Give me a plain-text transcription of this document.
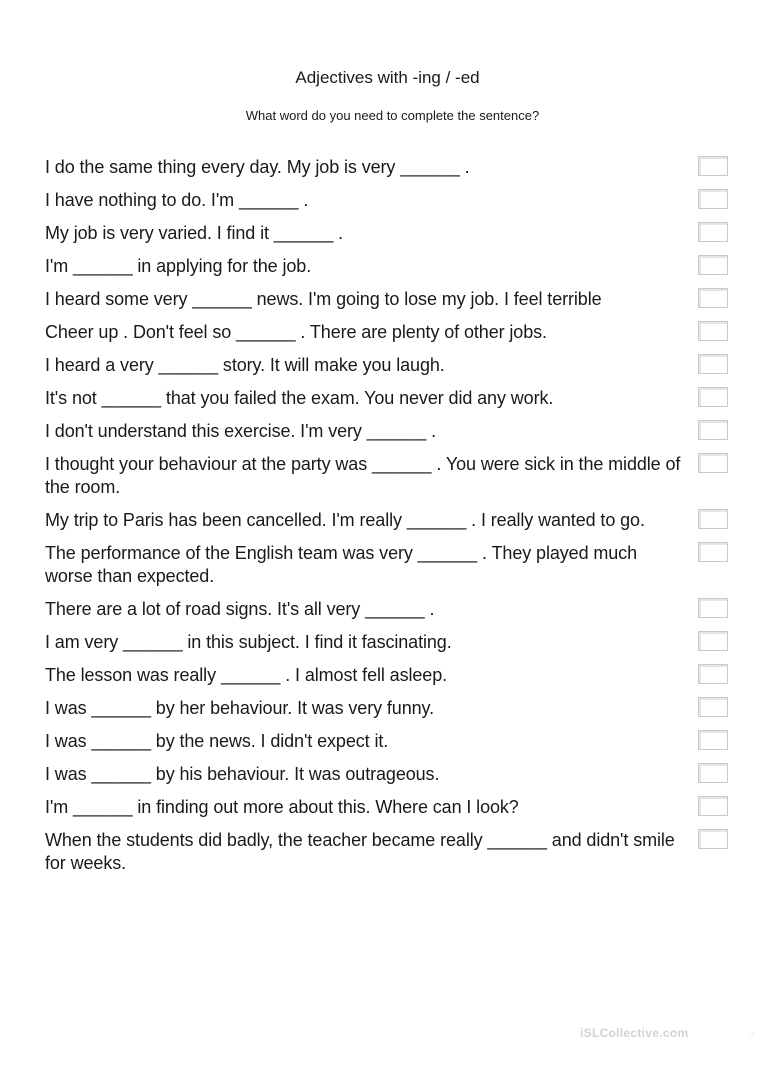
Adjectives with -ing / -ed
What word do you need to complete the sentence?
I do the same thing every day. My job is very ______ .
I have nothing to do. I'm ______ .
My job is very varied. I find it ______ .
I'm ______ in applying for the job.
I heard some very ______ news. I'm going to lose my job. I feel terrible
Cheer up . Don't feel so ______ . There are plenty of other jobs.
I heard a very ______ story. It will make you laugh.
It's not ______ that you failed the exam. You never did any work.
I don't understand this exercise. I'm very ______ .
I thought your behaviour at the party was ______ . You were sick in the middle of the room.
My trip to Paris has been cancelled. I'm really ______ . I really wanted to go.
The performance of the English team was very ______ . They played much worse than expected.
There are a lot of road signs. It's all very ______ .
I am very ______ in this subject. I find it fascinating.
The lesson was really ______ . I almost fell asleep.
I was ______ by her behaviour. It was very funny.
I was ______ by the news. I didn't expect it.
I was ______ by his behaviour. It was outrageous.
I'm ______ in finding out more about this. Where can I look?
When the students did badly, the teacher became really ______ and didn't smile for weeks.
iSLCollective.com	⁘
